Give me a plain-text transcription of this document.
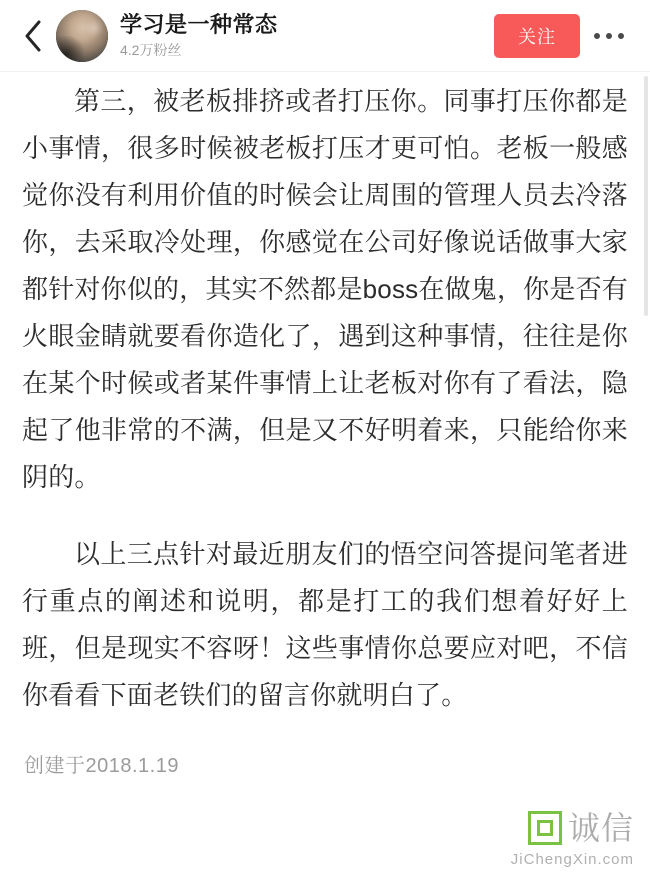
学习是一种常态
4.2万粉丝
关注

第三，被老板排挤或者打压你。同事打压你都是小事情，很多时候被老板打压才更可怕。老板一般感觉你没有利用价值的时候会让周围的管理人员去冷落你，去采取冷处理，你感觉在公司好像说话做事大家都针对你似的，其实不然都是boss在做鬼，你是否有火眼金睛就要看你造化了，遇到这种事情，往往是你在某个时候或者某件事情上让老板对你有了看法，隐起了他非常的不满，但是又不好明着来，只能给你来阴的。

以上三点针对最近朋友们的悟空问答提问笔者进行重点的阐述和说明，都是打工的我们想着好好上班，但是现实不容呀！这些事情你总要应对吧，不信你看看下面老铁们的留言你就明白了。

创建于2018.1.19
诚信
JiChengXin.com
